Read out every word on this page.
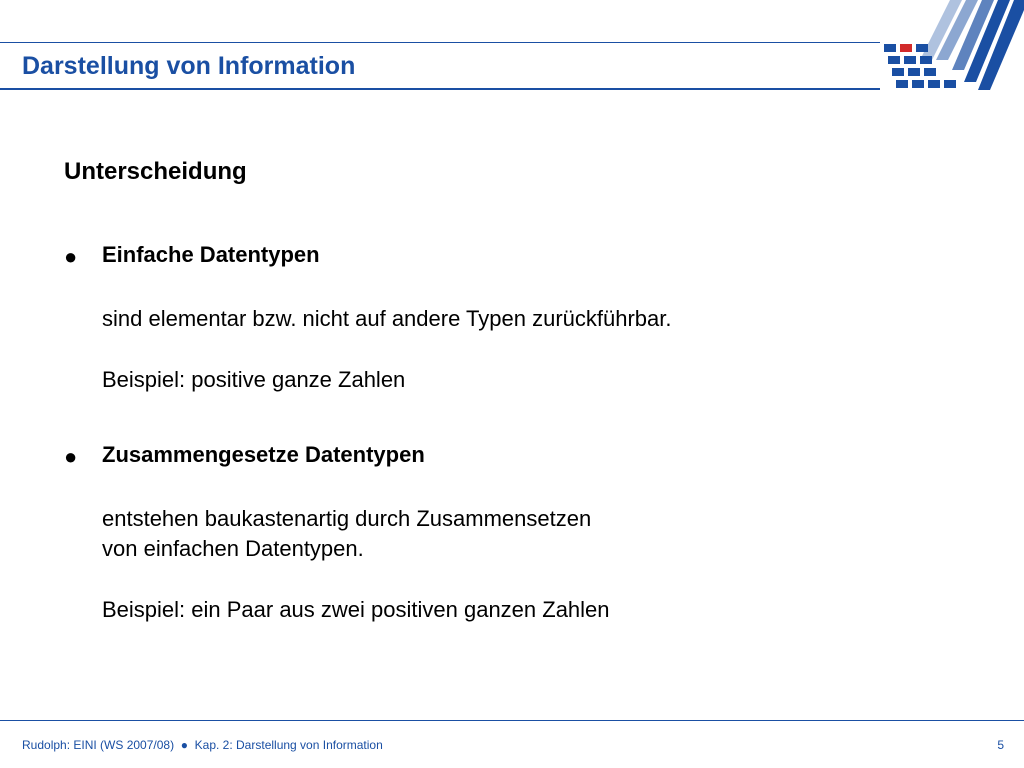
Darstellung von Information
Unterscheidung
●	Einfache Datentypen
sind elementar bzw. nicht auf andere Typen zurückführbar.
Beispiel: positive ganze Zahlen
●	Zusammengesetze Datentypen
entstehen baukastenartig durch Zusammensetzen
von einfachen Datentypen.
Beispiel: ein Paar aus zwei positiven ganzen Zahlen
Rudolph: EINI (WS 2007/08)  ●  Kap. 2: Darstellung von Information	5
